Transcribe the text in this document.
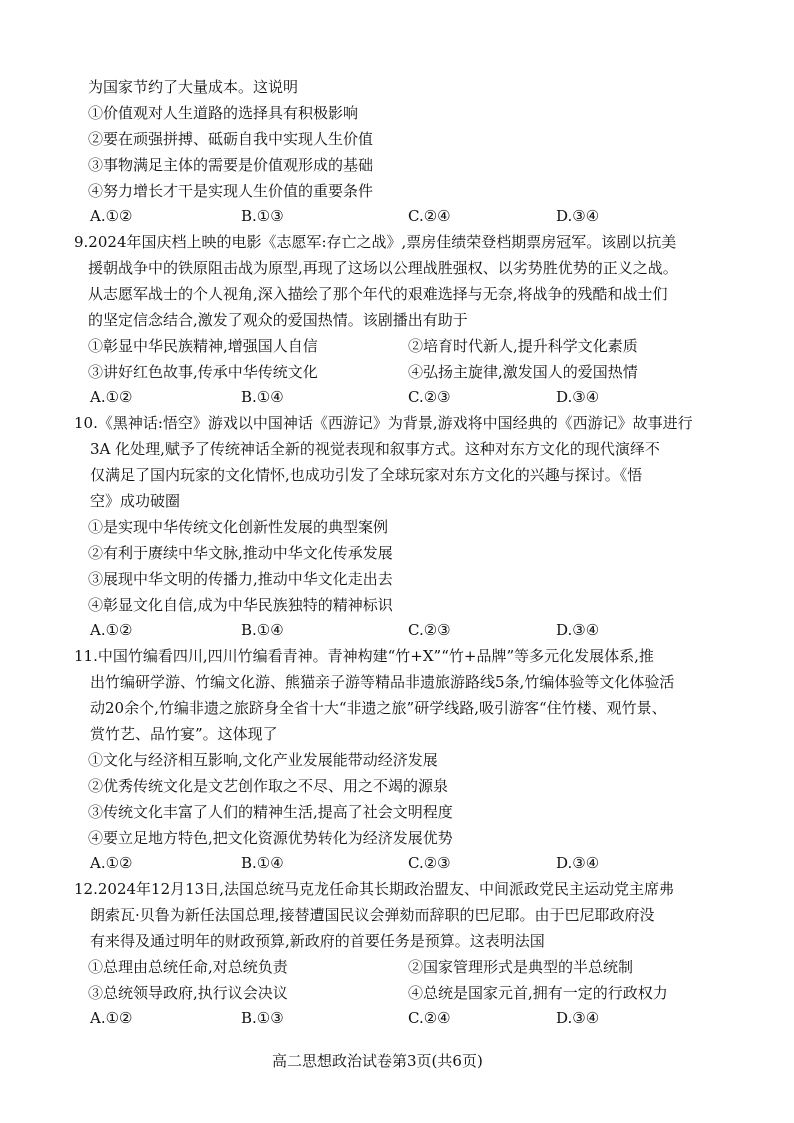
为国家节约了大量成本。这说明
①价值观对人生道路的选择具有积极影响
②要在顽强拼搏、砥砺自我中实现人生价值
③事物满足主体的需要是价值观形成的基础
④努力增长才干是实现人生价值的重要条件
A.①②	B.①③	C.②④	D.③④
9.2024年国庆档上映的电影《志愿军:存亡之战》,票房佳绩荣登档期票房冠军。该剧以抗美
援朝战争中的铁原阻击战为原型,再现了这场以公理战胜强权、以劣势胜优势的正义之战。
从志愿军战士的个人视角,深入描绘了那个年代的艰难选择与无奈,将战争的残酷和战士们
的坚定信念结合,激发了观众的爱国热情。该剧播出有助于
①彰显中华民族精神,增强国人自信	②培育时代新人,提升科学文化素质
③讲好红色故事,传承中华传统文化	④弘扬主旋律,激发国人的爱国热情
A.①②	B.①④	C.②③	D.③④
10.《黑神话:悟空》游戏以中国神话《西游记》为背景,游戏将中国经典的《西游记》故事进行
3A 化处理,赋予了传统神话全新的视觉表现和叙事方式。这种对东方文化的现代演绎不
仅满足了国内玩家的文化情怀,也成功引发了全球玩家对东方文化的兴趣与探讨。《悟
空》成功破圈
①是实现中华传统文化创新性发展的典型案例
②有利于赓续中华文脉,推动中华文化传承发展
③展现中华文明的传播力,推动中华文化走出去
④彰显文化自信,成为中华民族独特的精神标识
A.①②	B.①④	C.②③	D.③④
11.中国竹编看四川,四川竹编看青神。青神构建“竹+X”“竹+品牌”等多元化发展体系,推
出竹编研学游、竹编文化游、熊猫亲子游等精品非遗旅游路线5条,竹编体验等文化体验活
动20余个,竹编非遗之旅跻身全省十大“非遗之旅”研学线路,吸引游客“住竹楼、观竹景、
赏竹艺、品竹宴”。这体现了
①文化与经济相互影响,文化产业发展能带动经济发展
②优秀传统文化是文艺创作取之不尽、用之不竭的源泉
③传统文化丰富了人们的精神生活,提高了社会文明程度
④要立足地方特色,把文化资源优势转化为经济发展优势
A.①②	B.①④	C.②③	D.③④
12.2024年12月13日,法国总统马克龙任命其长期政治盟友、中间派政党民主运动党主席弗
朗索瓦·贝鲁为新任法国总理,接替遭国民议会弹劾而辞职的巴尼耶。由于巴尼耶政府没
有来得及通过明年的财政预算,新政府的首要任务是预算。这表明法国
①总理由总统任命,对总统负责	②国家管理形式是典型的半总统制
③总统领导政府,执行议会决议	④总统是国家元首,拥有一定的行政权力
A.①②	B.①③	C.②④	D.③④
高二思想政治试卷第3页(共6页)
